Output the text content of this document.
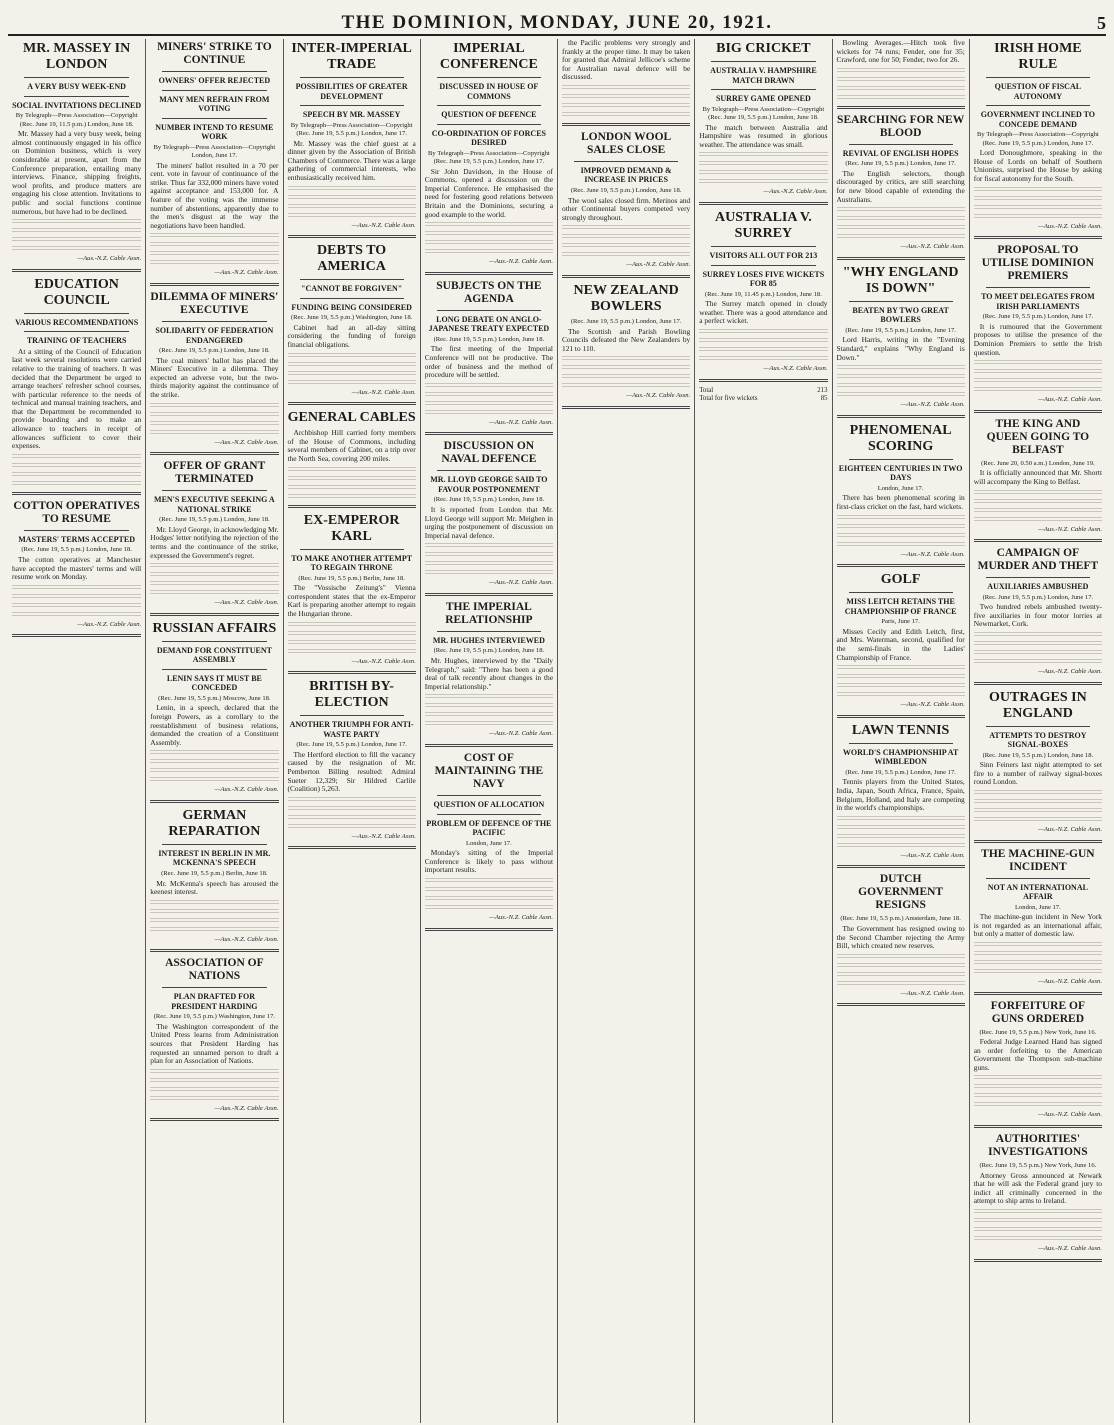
THE DOMINION, MONDAY, JUNE 20, 1921.	5
MR. MASSEY IN LONDON
A VERY BUSY WEEK-END
SOCIAL INVITATIONS DECLINED
By Telegraph—Press Association—Copyright (Rec. June 19, 11.5 p.m.) London, June 18.

Mr. Massey had a very busy week, being almost continuously engaged in his office on Dominion business, which is very considerable at present, apart from the Conference preparation, entailing many interviews. Finance, shipping freights, wool profits, and produce matters are engaging his close attention. Invitations to public and social functions continue numerous, but have had to be declined.

—Aus.-N.Z. Cable Assn.
EDUCATION COUNCIL
VARIOUS RECOMMENDATIONS
TRAINING OF TEACHERS

At a sitting of the Council of Education last week several resolutions were carried relative to the training of teachers. It was decided that the Department be urged to arrange teachers' refresher school courses, with particular reference to the needs of technical and manual training teachers, and that the Department be recommended to provide boarding and to make an allowance to teachers in receipt of allowances sufficient to cover their expenses.

COTTON OPERATIVES TO RESUME
MASTERS' TERMS ACCEPTED
(Rec. June 19, 5.5 p.m.) London, June 18.

The cotton operatives at Manchester have accepted the masters' terms and will resume work on Monday.

—Aus.-N.Z. Cable Assn.
MINERS' STRIKE TO CONTINUE
OWNERS' OFFER REJECTED
MANY MEN REFRAIN FROM VOTING
NUMBER INTEND TO RESUME WORK
By Telegraph—Press Association—Copyright London, June 17.

The miners' ballot resulted in a 70 per cent. vote in favour of continuance of the strike. Thus far 332,000 miners have voted against acceptance and 153,000 for. A feature of the voting was the immense number of abstentions, apparently due to the men's disgust at the way the negotiations have been handled.

—Aus.-N.Z. Cable Assn.
DILEMMA OF MINERS' EXECUTIVE
SOLIDARITY OF FEDERATION ENDANGERED
(Rec. June 19, 5.5 p.m.) London, June 18.

The coal miners' ballot has placed the Miners' Executive in a dilemma. They expected an adverse vote, but the two-thirds majority against the continuance of the strike.

—Aus.-N.Z. Cable Assn.
OFFER OF GRANT TERMINATED
MEN'S EXECUTIVE SEEKING A NATIONAL STRIKE
(Rec. June 19, 5.5 p.m.) London, June 18.

Mr. Lloyd George, in acknowledging Mr. Hodges' letter notifying the rejection of the terms and the continuance of the strike, expressed the Government's regret.

—Aus.-N.Z. Cable Assn.
RUSSIAN AFFAIRS
DEMAND FOR CONSTITUENT ASSEMBLY
LENIN SAYS IT MUST BE CONCEDED
(Rec. June 19, 5.5 p.m.) Moscow, June 18.

Lenin, in a speech, declared that the foreign Powers, as a corollary to the reestablishment of business relations, demanded the creation of a Constituent Assembly.

—Aus.-N.Z. Cable Assn.
GERMAN REPARATION
INTEREST IN BERLIN IN MR. MCKENNA'S SPEECH
(Rec. June 19, 5.5 p.m.) Berlin, June 18.

Mr. McKenna's speech has aroused the keenest interest.

—Aus.-N.Z. Cable Assn.
ASSOCIATION OF NATIONS
PLAN DRAFTED FOR PRESIDENT HARDING
(Rec. June 19, 5.5 p.m.) Washington, June 17.

The Washington correspondent of the United Press learns from Administration sources that President Harding has requested an unnamed person to draft a plan for an Association of Nations.

—Aus.-N.Z. Cable Assn.
INTER-IMPERIAL TRADE
POSSIBILITIES OF GREATER DEVELOPMENT
SPEECH BY MR. MASSEY
By Telegraph—Press Association—Copyright (Rec. June 19, 5.5 p.m.) London, June 17.

Mr. Massey was the chief guest at a dinner given by the Association of British Chambers of Commerce. There was a large gathering of commercial interests, who enthusiastically received him.

—Aus.-N.Z. Cable Assn.
DEBTS TO AMERICA
"CANNOT BE FORGIVEN"
FUNDING BEING CONSIDERED
(Rec. June 19, 5.5 p.m.) Washington, June 18.

Cabinet had an all-day sitting considering the funding of foreign financial obligations.

—Aus.-N.Z. Cable Assn.
GENERAL CABLES

Archbishop Hill carried forty members of the House of Commons, including several members of Cabinet, on a trip over the North Sea, covering 200 miles.

EX-EMPEROR KARL
TO MAKE ANOTHER ATTEMPT TO REGAIN THRONE
(Rec. June 19, 5.5 p.m.) Berlin, June 18.

The "Vossische Zeitung's" Vienna correspondent states that the ex-Emperor Karl is preparing another attempt to regain the Hungarian throne.

—Aus.-N.Z. Cable Assn.
BRITISH BY-ELECTION
ANOTHER TRIUMPH FOR ANTI-WASTE PARTY
(Rec. June 19, 5.5 p.m.) London, June 17.

The Hertford election to fill the vacancy caused by the resignation of Mr. Pemberton Billing resulted: Admiral Sueter 12,329; Sir Hildred Carlile (Coalition) 5,263.

—Aus.-N.Z. Cable Assn.
IMPERIAL CONFERENCE
DISCUSSED IN HOUSE OF COMMONS
QUESTION OF DEFENCE
CO-ORDINATION OF FORCES DESIRED
By Telegraph—Press Association—Copyright (Rec. June 19, 5.5 p.m.) London, June 17.

Sir John Davidson, in the House of Commons, opened a discussion on the Imperial Conference. He emphasised the need for fostering good relations between Britain and the Dominions, securing a good example to the world.

—Aus.-N.Z. Cable Assn.
SUBJECTS ON THE AGENDA
LONG DEBATE ON ANGLO-JAPANESE TREATY EXPECTED
(Rec. June 19, 5.5 p.m.) London, June 18.

The first meeting of the Imperial Conference will not be productive. The order of business and the method of procedure will be settled.

—Aus.-N.Z. Cable Assn.
DISCUSSION ON NAVAL DEFENCE
MR. LLOYD GEORGE SAID TO FAVOUR POSTPONEMENT
(Rec. June 19, 5.5 p.m.) London, June 18.

It is reported from London that Mr. Lloyd George will support Mr. Meighen in urging the postponement of discussion on Imperial naval defence.

—Aus.-N.Z. Cable Assn.
THE IMPERIAL RELATIONSHIP
MR. HUGHES INTERVIEWED
(Rec. June 19, 5.5 p.m.) London, June 18.

Mr. Hughes, interviewed by the "Daily Telegraph," said: "There has been a good deal of talk recently about changes in the Imperial relationship."

—Aus.-N.Z. Cable Assn.
COST OF MAINTAINING THE NAVY
QUESTION OF ALLOCATION
PROBLEM OF DEFENCE OF THE PACIFIC
London, June 17.

Monday's sitting of the Imperial Conference is likely to pass without important results.

—Aus.-N.Z. Cable Assn.

the Pacific problems very strongly and frankly at the proper time. It may be taken for granted that Admiral Jellicoe's scheme for Australian naval defence will be discussed.

LONDON WOOL SALES CLOSE
IMPROVED DEMAND & INCREASE IN PRICES
(Rec. June 19, 5.5 p.m.) London, June 18.

The wool sales closed firm. Merinos and other Continental buyers competed very strongly throughout.

—Aus.-N.Z. Cable Assn.
NEW ZEALAND BOWLERS
(Rec. June 19, 5.5 p.m.) London, June 17.

The Scottish and Parish Bowling Councils defeated the New Zealanders by 121 to 110.

—Aus.-N.Z. Cable Assn.
BIG CRICKET
AUSTRALIA V. HAMPSHIRE MATCH DRAWN
SURREY GAME OPENED
By Telegraph—Press Association—Copyright (Rec. June 19, 5.5 p.m.) London, June 18.

The match between Australia and Hampshire was resumed in glorious weather. The attendance was small.

—Aus.-N.Z. Cable Assn.
AUSTRALIA V. SURREY
VISITORS ALL OUT FOR 213
SURREY LOSES FIVE WICKETS FOR 85
(Rec. June 19, 11.45 p.m.) London, June 18.

The Surrey match opened in cloudy weather. There was a good attendance and a perfect wicket.

—Aus.-N.Z. Cable Assn.
Total	213
Total for five wickets	85

Bowling Averages.—Hitch took five wickets for 74 runs; Fender, one for 35; Crawford, one for 50; Fender, two for 26.

SEARCHING FOR NEW BLOOD
REVIVAL OF ENGLISH HOPES
(Rec. June 19, 5.5 p.m.) London, June 17.

The English selectors, though discouraged by critics, are still searching for new blood capable of extending the Australians.

—Aus.-N.Z. Cable Assn.
"WHY ENGLAND IS DOWN"
BEATEN BY TWO GREAT BOWLERS
(Rec. June 19, 5.5 p.m.) London, June 17.

Lord Harris, writing in the "Evening Standard," explains "Why England is Down."

—Aus.-N.Z. Cable Assn.
PHENOMENAL SCORING
EIGHTEEN CENTURIES IN TWO DAYS
London, June 17.

There has been phenomenal scoring in first-class cricket on the fast, hard wickets.

—Aus.-N.Z. Cable Assn.
GOLF
MISS LEITCH RETAINS THE CHAMPIONSHIP OF FRANCE
Paris, June 17.

Misses Cecily and Edith Leitch, first, and Mrs. Waterman, second, qualified for the semi-finals in the Ladies' Championship of France.

—Aus.-N.Z. Cable Assn.
LAWN TENNIS
WORLD'S CHAMPIONSHIP AT WIMBLEDON
(Rec. June 19, 5.5 p.m.) London, June 17.

Tennis players from the United States, India, Japan, South Africa, France, Spain, Belgium, Holland, and Italy are competing in the world's championships.

—Aus.-N.Z. Cable Assn.
DUTCH GOVERNMENT RESIGNS
(Rec. June 19, 5.5 p.m.) Amsterdam, June 18.

The Government has resigned owing to the Second Chamber rejecting the Army Bill, which created new reserves.

—Aus.-N.Z. Cable Assn.
IRISH HOME RULE
QUESTION OF FISCAL AUTONOMY
GOVERNMENT INCLINED TO CONCEDE DEMAND
By Telegraph—Press Association—Copyright (Rec. June 19, 5.5 p.m.) London, June 17.

Lord Donoughmore, speaking in the House of Lords on behalf of Southern Unionists, surprised the House by asking for fiscal autonomy for the South.

—Aus.-N.Z. Cable Assn.
PROPOSAL TO UTILISE DOMINION PREMIERS
TO MEET DELEGATES FROM IRISH PARLIAMENTS
(Rec. June 19, 5.5 p.m.) London, June 17.

It is rumoured that the Government proposes to utilise the presence of the Dominion Premiers to settle the Irish question.

—Aus.-N.Z. Cable Assn.
THE KING AND QUEEN GOING TO BELFAST
(Rec. June 20, 0.50 a.m.) London, June 19.

It is officially announced that Mr. Shortt will accompany the King to Belfast.

—Aus.-N.Z. Cable Assn.
CAMPAIGN OF MURDER AND THEFT
AUXILIARIES AMBUSHED
(Rec. June 19, 5.5 p.m.) London, June 17.

Two hundred rebels ambushed twenty-five auxiliaries in four motor lorries at Newmarket, Cork.

—Aus.-N.Z. Cable Assn.
OUTRAGES IN ENGLAND
ATTEMPTS TO DESTROY SIGNAL-BOXES
(Rec. June 19, 5.5 p.m.) London, June 18.

Sinn Feiners last night attempted to set fire to a number of railway signal-boxes round London.

—Aus.-N.Z. Cable Assn.
THE MACHINE-GUN INCIDENT
NOT AN INTERNATIONAL AFFAIR
London, June 17.

The machine-gun incident in New York is not regarded as an international affair, but only a matter of domestic law.

—Aus.-N.Z. Cable Assn.
FORFEITURE OF GUNS ORDERED
(Rec. June 19, 5.5 p.m.) New York, June 16.

Federal Judge Learned Hand has signed an order forfeiting to the American Government the Thompson sub-machine guns.

—Aus.-N.Z. Cable Assn.
AUTHORITIES' INVESTIGATIONS
(Rec. June 19, 5.5 p.m.) New York, June 16.

Attorney Gross announced at Newark that he will ask the Federal grand jury to indict all criminally concerned in the attempt to ship arms to Ireland.

—Aus.-N.Z. Cable Assn.
